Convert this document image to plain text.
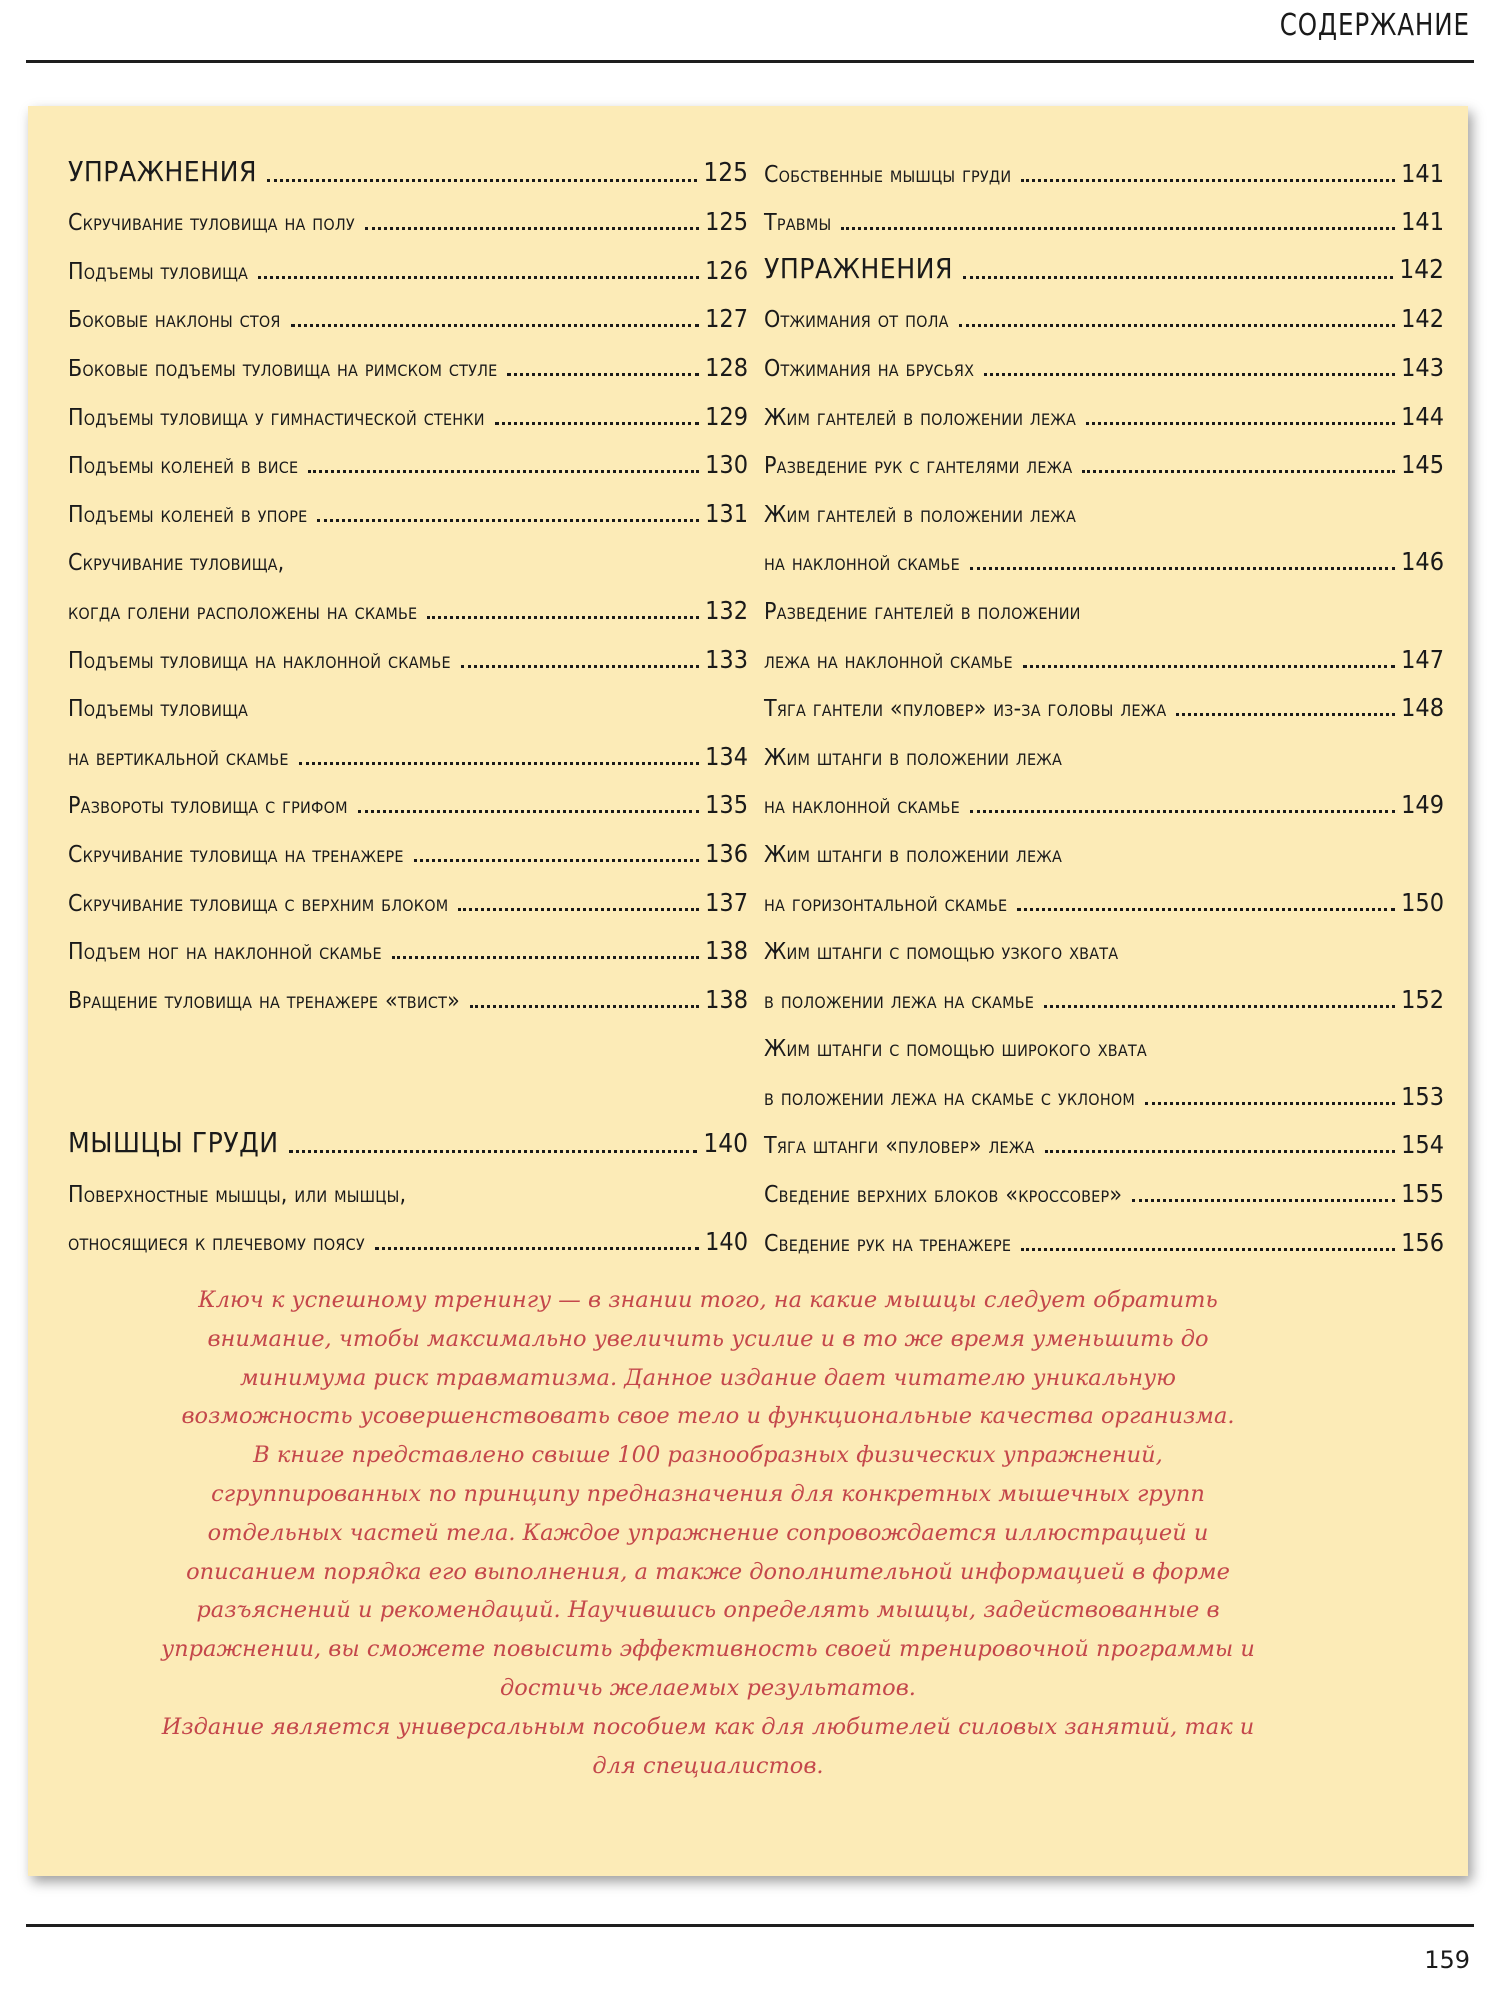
СОДЕРЖАНИЕ
УПРАЖНЕНИЯ	125
Скручивание туловища на полу	125
Подъемы туловища	126
Боковые наклоны стоя	127
Боковые подъемы туловища на римском стуле	128
Подъемы туловища у гимнастической стенки	129
Подъемы коленей в висе	130
Подъемы коленей в упоре	131
Скручивание туловища,
когда голени расположены на скамье	132
Подъемы туловища на наклонной скамье	133
Подъемы туловища
на вертикальной скамье	134
Развороты туловища с грифом	135
Скручивание туловища на тренажере	136
Скручивание туловища с верхним блоком	137
Подъем ног на наклонной скамье	138
Вращение туловища на тренажере «твист»	138
МЫШЦЫ ГРУДИ	140
Поверхностные мышцы, или мышцы,
относящиеся к плечевому поясу	140
Собственные мышцы груди	141
Травмы	141
УПРАЖНЕНИЯ	142
Отжимания от пола	142
Отжимания на брусьях	143
Жим гантелей в положении лежа	144
Разведение рук с гантелями лежа	145
Жим гантелей в положении лежа
на наклонной скамье	146
Разведение гантелей в положении
лежа на наклонной скамье	147
Тяга гантели «пуловер» из-за головы лежа	148
Жим штанги в положении лежа
на наклонной скамье	149
Жим штанги в положении лежа
на горизонтальной скамье	150
Жим штанги с помощью узкого хвата
в положении лежа на скамье	152
Жим штанги с помощью широкого хвата
в положении лежа на скамье с уклоном	153
Тяга штанги «пуловер» лежа	154
Сведение верхних блоков «кроссовер»	155
Сведение рук на тренажере	156

Ключ к успешному тренингу — в знании того, на какие мышцы следует обратить внимание, чтобы максимально увеличить усилие и в то же время уменьшить до минимума риск травматизма. Данное издание дает читателю уникальную возможность усовершенствовать свое тело и функциональные качества организма.

В книге представлено свыше 100 разнообразных физических упражнений, сгруппированных по принципу предназначения для конкретных мышечных групп отдельных частей тела. Каждое упражнение сопровождается иллюстрацией и описанием порядка его выполнения, а также дополнительной информацией в форме разъяснений и рекомендаций. Научившись определять мышцы, задействованные в упражнении, вы сможете повысить эффективность своей тренировочной программы и достичь желаемых результатов.

Издание является универсальным пособием как для любителей силовых занятий, так и для специалистов.

159
